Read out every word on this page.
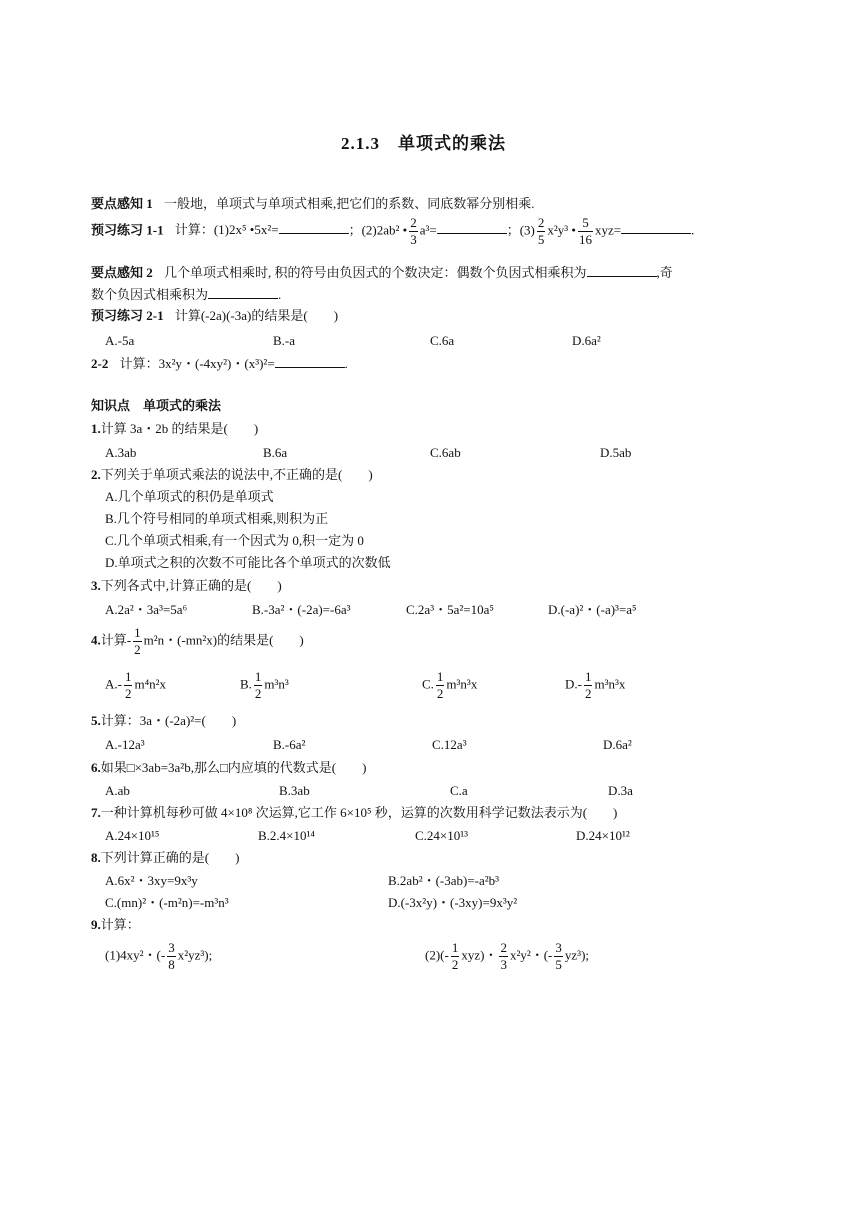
2.1.3　单项式的乘法
要点感知 1 一般地，单项式与单项式相乘,把它们的系数、同底数幂分别相乘.
预习练习 1-1 计算：(1)2x⁵ •5x²=	；(2)2ab² • $\frac{2}{3} a^3=$	；$(3) \frac{2}{5} x^2y^3$ • $\frac{5}{16} xyz=$	.
要点感知 2 几个单项式相乘时, 积的符号由负因式的个数决定：偶数个负因式相乘积为	,奇
数个负因式相乘积为	.
预习练习 2-1 计算(-2a)(-3a)的结果是(　　)
A.-5a	B.-a	C.6a	D.6a²
2-2 计算：3x²y・(-4xy²)・(x³)²=	.
知识点　单项式的乘法
1.计算 3a・2b 的结果是(　　)
A.3ab	B.6a	C.6ab	D.5ab
2.下列关于单项式乘法的说法中,不正确的是(　　)
A.几个单项式的积仍是单项式
B.几个符号相同的单项式相乘,则积为正
C.几个单项式相乘,有一个因式为 0,积一定为 0
D.单项式之积的次数不可能比各个单项式的次数低
3.下列各式中,计算正确的是(　　)
A.2a²・3a³=5a⁶	B.-3a²・(-2a)=-6a³	C.2a³・5a²=10a⁵	D.(-a)²・(-a)³=a⁵
4.计算- $\frac{1}{2} m^2n$・(-mn²x)的结果是(　　)
$A.- \frac{1}{2} m^4n^2x$	B. $\frac{1}{2} m^3n^3$	C. $\frac{1}{2} m^3n^3x$	$D.- \frac{1}{2} m^3n^3x$
5.计算：3a・(-2a)²=(　　)
A.-12a³	B.-6a²	C.12a³	D.6a²
6.如果□×3ab=3a²b,那么□内应填的代数式是(　　)
A.ab	B.3ab	C.a	D.3a
7.一种计算机每秒可做 4×10⁸ 次运算,它工作 6×10⁵ 秒，运算的次数用科学记数法表示为(　　)
A.24×10¹⁵	B.2.4×10¹⁴	C.24×10¹³	D.24×10¹²
8.下列计算正确的是(　　)
A.6x²・3xy=9x³y	B.2ab²・(-3ab)=-a²b³
C.(mn)²・(-m²n)=-m³n³	D.(-3x²y)・(-3xy)=9x³y²
9.计算：
(1)4xy²・(- $\frac{3}{8} x^2yz^3$);	$(2)(- \frac{1}{2} xyz)$・ $\frac{2}{3} x^2y^2$・(- $\frac{3}{5} yz^3$);
